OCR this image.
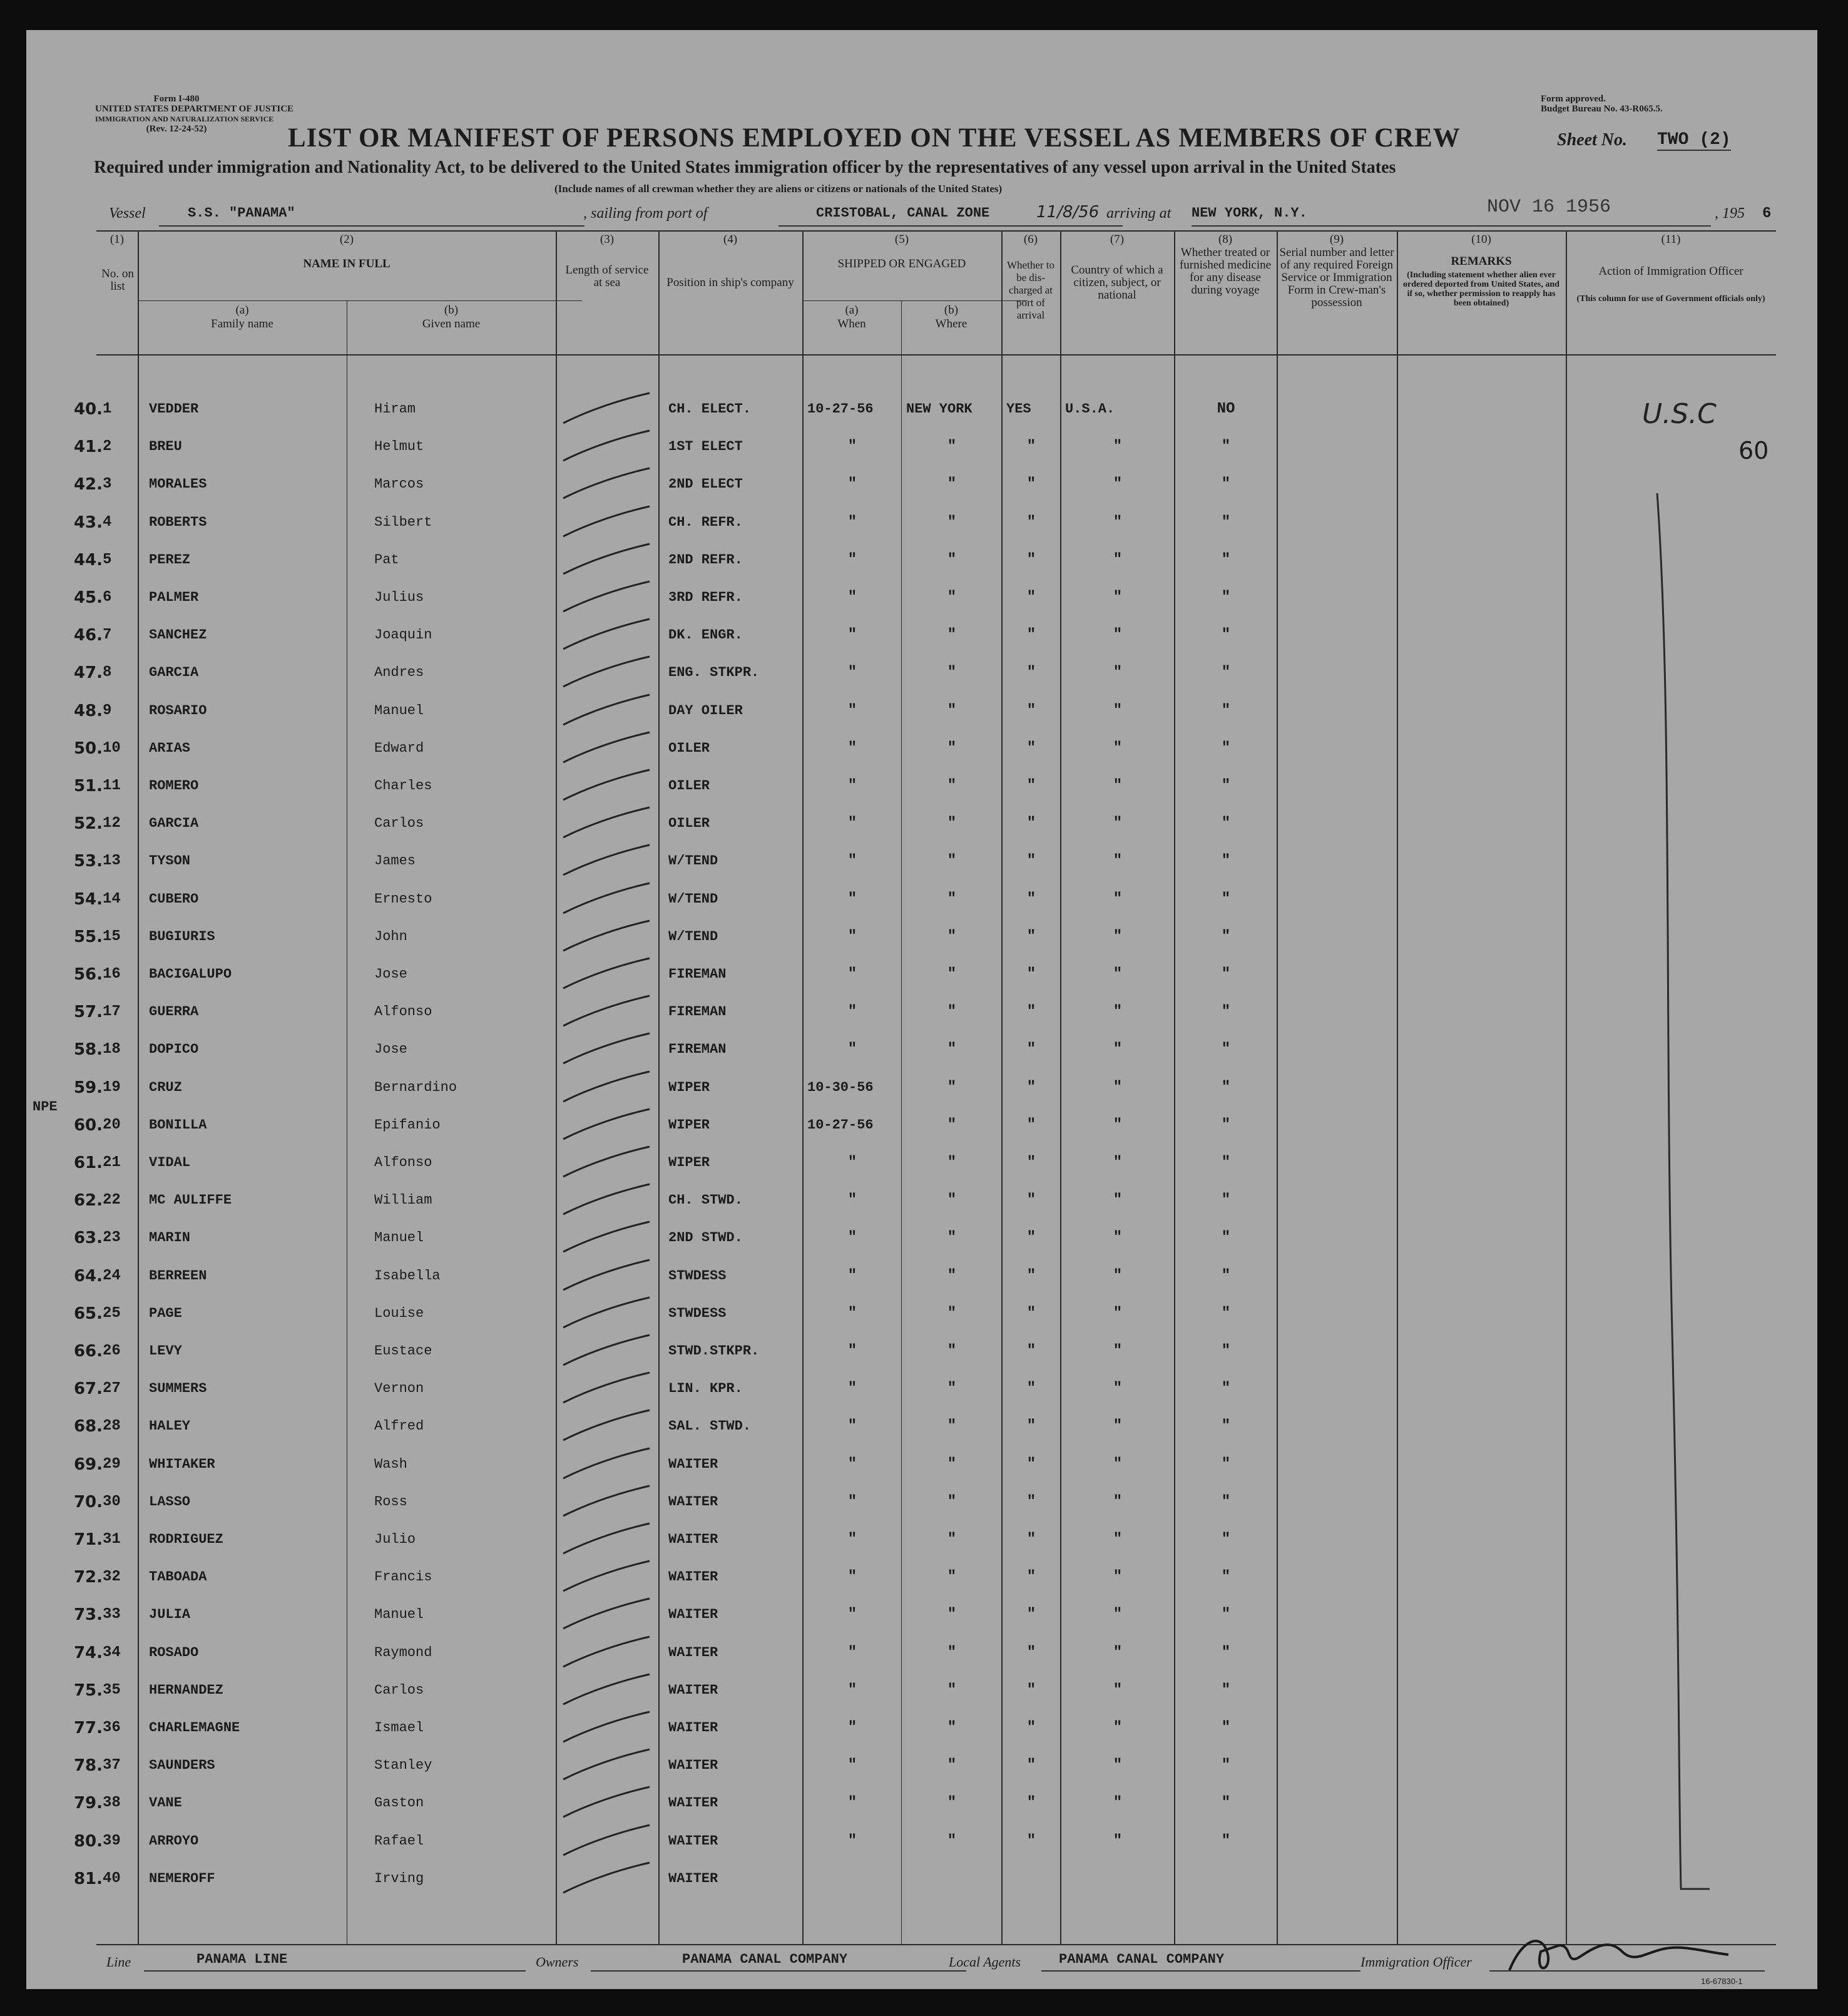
Form I-480
UNITED STATES DEPARTMENT OF JUSTICE
IMMIGRATION AND NATURALIZATION SERVICE
(Rev. 12-24-52)
Form approved.
Budget Bureau No. 43-R065.5.
LIST OR MANIFEST OF PERSONS EMPLOYED ON THE VESSEL AS MEMBERS OF CREW	Sheet No. TWO (2)
Required under immigration and Nationality Act, to be delivered to the United States immigration officer by the representatives of any vessel upon arrival in the United States
(Include names of all crewman whether they are aliens or citizens or nationals of the United States)
Vessel	S.S. "PANAMA"	, sailing from port of	CRISTOBAL, CANAL ZONE	11/8/56 arriving at NEW YORK, N.Y.	NOV 16 1956	, 195 6
(1)
No. on list
(2)
NAME IN FULL
(a)
Family name
(b)
Given name
(3)
Length of service at sea
(4)
Position in ship's company
(5)
SHIPPED OR ENGAGED
(a)
When
(b)
Where
(6)
Whether to be dis-charged at port of arrival
(7)
Country of which a citizen, subject, or national
(8)
Whether treated or furnished medicine for any disease during voyage
(9)
Serial number and letter of any required Foreign Service or Immigration Form in Crew-man's possession
(10)
REMARKS
(Including statement whether alien ever ordered deported from United States, and if so, whether permission to reapply has been obtained)
(11)
Action of Immigration Officer
(This column for use of Government officials only)
U.S.C
60
NPE
40. 1	VEDDER	Hiram	CH. ELECT.	10-27-56	NEW YORK	YES	U.S.A.	NO
41. 2	BREU	Helmut	1ST ELECT	"	"	"	"	"
42. 3	MORALES	Marcos	2ND ELECT	"	"	"	"	"
43. 4	ROBERTS	Silbert	CH. REFR.	"	"	"	"	"
44. 5	PEREZ	Pat	2ND REFR.	"	"	"	"	"
45. 6	PALMER	Julius	3RD REFR.	"	"	"	"	"
46. 7	SANCHEZ	Joaquin	DK. ENGR.	"	"	"	"	"
47. 8	GARCIA	Andres	ENG. STKPR.	"	"	"	"	"
48. 9	ROSARIO	Manuel	DAY OILER	"	"	"	"	"
50. 10	ARIAS	Edward	OILER	"	"	"	"	"
51. 11	ROMERO	Charles	OILER	"	"	"	"	"
52. 12	GARCIA	Carlos	OILER	"	"	"	"	"
53. 13	TYSON	James	W/TEND	"	"	"	"	"
54. 14	CUBERO	Ernesto	W/TEND	"	"	"	"	"
55. 15	BUGIURIS	John	W/TEND	"	"	"	"	"
56. 16	BACIGALUPO	Jose	FIREMAN	"	"	"	"	"
57. 17	GUERRA	Alfonso	FIREMAN	"	"	"	"	"
58. 18	DOPICO	Jose	FIREMAN	"	"	"	"	"
59. 19	CRUZ	Bernardino	WIPER	10-30-56	"	"	"	"
60. 20	BONILLA	Epifanio	WIPER	10-27-56	"	"	"	"
61. 21	VIDAL	Alfonso	WIPER	"	"	"	"	"
62. 22	MC AULIFFE	William	CH. STWD.	"	"	"	"	"
63. 23	MARIN	Manuel	2ND STWD.	"	"	"	"	"
64. 24	BERREEN	Isabella	STWDESS	"	"	"	"	"
65. 25	PAGE	Louise	STWDESS	"	"	"	"	"
66. 26	LEVY	Eustace	STWD.STKPR.	"	"	"	"	"
67. 27	SUMMERS	Vernon	LIN. KPR.	"	"	"	"	"
68. 28	HALEY	Alfred	SAL. STWD.	"	"	"	"	"
69. 29	WHITAKER	Wash	WAITER	"	"	"	"	"
70. 30	LASSO	Ross	WAITER	"	"	"	"	"
71. 31	RODRIGUEZ	Julio	WAITER	"	"	"	"	"
72. 32	TABOADA	Francis	WAITER	"	"	"	"	"
73. 33	JULIA	Manuel	WAITER	"	"	"	"	"
74. 34	ROSADO	Raymond	WAITER	"	"	"	"	"
75. 35	HERNANDEZ	Carlos	WAITER	"	"	"	"	"
77. 36	CHARLEMAGNE	Ismael	WAITER	"	"	"	"	"
78. 37	SAUNDERS	Stanley	WAITER	"	"	"	"	"
79. 38	VANE	Gaston	WAITER	"	"	"	"	"
80. 39	ARROYO	Rafael	WAITER	"	"	"	"	"
81. 40	NEMEROFF	Irving	WAITER
Line	PANAMA LINE	Owners	PANAMA CANAL COMPANY	Local Agents	PANAMA CANAL COMPANY	Immigration Officer
16-67830-1
